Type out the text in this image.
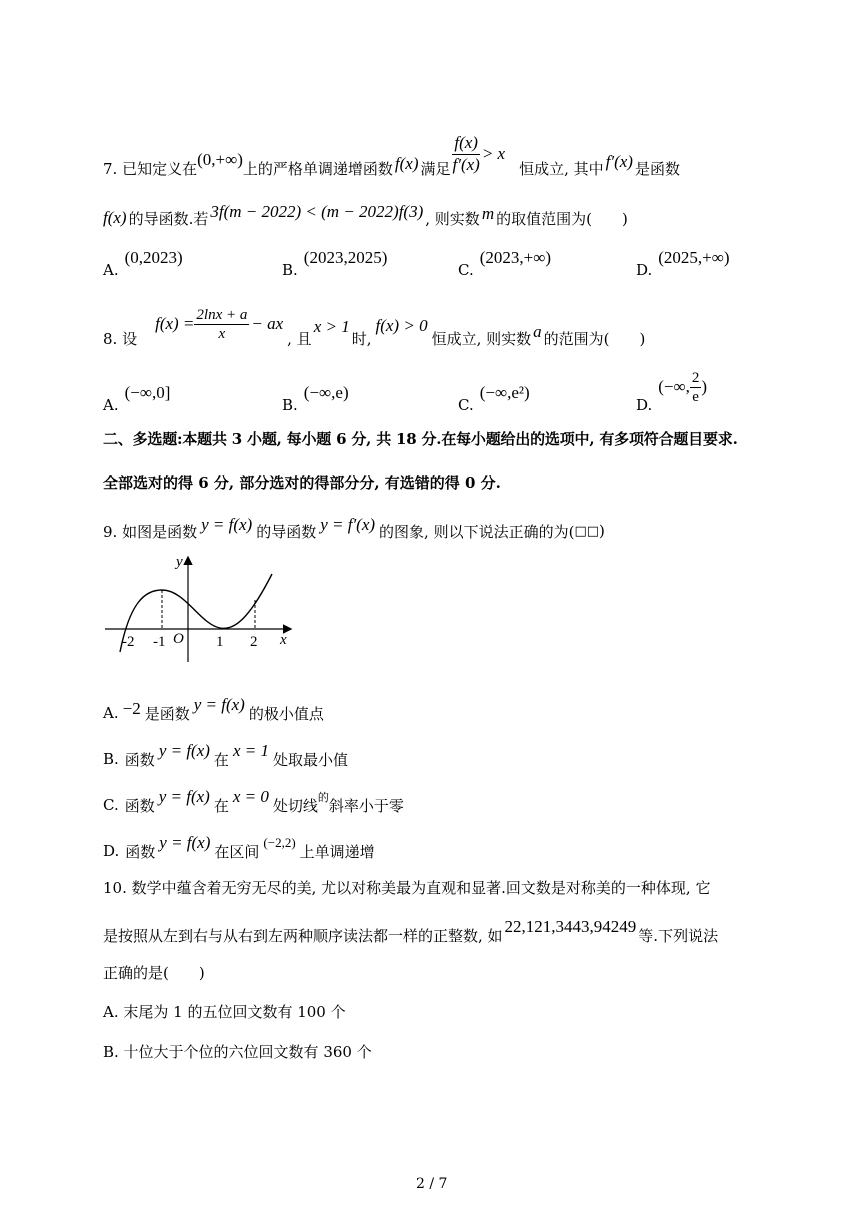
7. 已知定义在 (0,+∞) 上的严格单调递增函数 f(x) 满足 $\frac{f(x)}{f'(x)} > x$
恒成立, 其中 f′(x) 是函数
f(x) 的导函数.若 3f(m − 2022) < (m − 2022)f(3) , 则实数 m 的取值范围为(　　)
A.
(0,2023)
B.
(2023,2025)
C.
(2023,+∞)
D.
(2025,+∞)
8. 设
$f(x) = \frac{2\ln x + a}{x}$ − ax
, 且
x > 1
时,
f(x) > 0
恒成立, 则实数 a 的范围为(　　)
A.
(−∞,0]
B.
(−∞,e)
C.
(−∞,e²)
D.
(−∞, $\frac{2}{e}$ )
二、多选题:本题共 3 小题, 每小题 6 分, 共 18 分.在每小题给出的选项中, 有多项符合题目要求.
全部选对的得 6 分, 部分选对的得部分分, 有选错的得 0 分.
9. 如图是函数 y = f(x) 的导函数 y = f′(x) 的图象, 则以下说法正确的为( □□ )
y
x
O
-2 -1	1 2
A. −2 是函数 y = f(x) 的极小值点
B. 函数 y = f(x) 在 x = 1 处取最小值
C. 函数 y = f(x) 在 x = 0 处切线 的 斜率小于零
D. 函数 y = f(x) 在区间 (−2,2) 上单调递增
10. 数学中蕴含着无穷无尽的美, 尤以对称美最为直观和显著.回文数是对称美的一种体现, 它
是按照从左到右与从右到左两种顺序读法都一样的正整数, 如 22,121,3443,94249 等.下列说法
正确的是(　　)
A. 末尾为 1 的五位回文数有 100 个
B. 十位大于个位的六位回文数有 360 个
2 / 7
